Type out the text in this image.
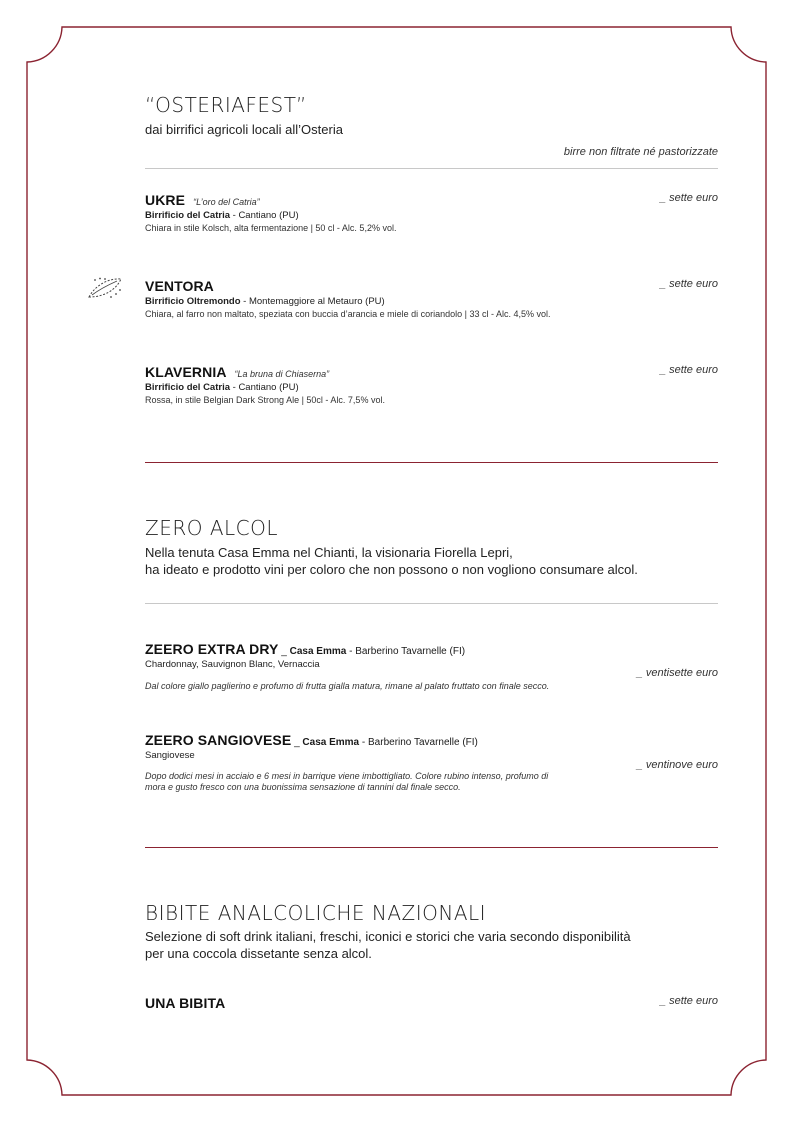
“OSTERIAFEST”
dai birrifici agricoli locali all’Osteria
birre non filtrate né pastorizzate
UKRE “L’oro del Catria”
Birrificio del Catria - Cantiano (PU)
Chiara in stile Kolsch, alta fermentazione | 50 cl - Alc. 5,2% vol.
_ sette euro
VENTORA
Birrificio Oltremondo - Montemaggiore al Metauro (PU)
Chiara, al farro non maltato, speziata con buccia d’arancia e miele di coriandolo | 33 cl - Alc. 4,5% vol.
_ sette euro
KLAVERNIA “La bruna di Chiaserna”
Birrificio del Catria - Cantiano (PU)
Rossa, in stile Belgian Dark Strong Ale | 50cl - Alc. 7,5% vol.
_ sette euro
ZERO ALCOL
Nella tenuta Casa Emma nel Chianti, la visionaria Fiorella Lepri,
ha ideato e prodotto vini per coloro che non possono o non vogliono consumare alcol.
ZEERO EXTRA DRY _ Casa Emma - Barberino Tavarnelle (FI)
Chardonnay, Sauvignon Blanc, Vernaccia
Dal colore giallo paglierino e profumo di frutta gialla matura, rimane al palato fruttato con finale secco.
_ ventisette euro
ZEERO SANGIOVESE _ Casa Emma - Barberino Tavarnelle (FI)
Sangiovese
Dopo dodici mesi in acciaio e 6 mesi in barrique viene imbottigliato. Colore rubino intenso, profumo di
mora e gusto fresco con una buonissima sensazione di tannini dal finale secco.
_ ventinove euro
BIBITE ANALCOLICHE NAZIONALI
Selezione di soft drink italiani, freschi, iconici e storici che varia secondo disponibilità
per una coccola dissetante senza alcol.
UNA BIBITA	_ sette euro
